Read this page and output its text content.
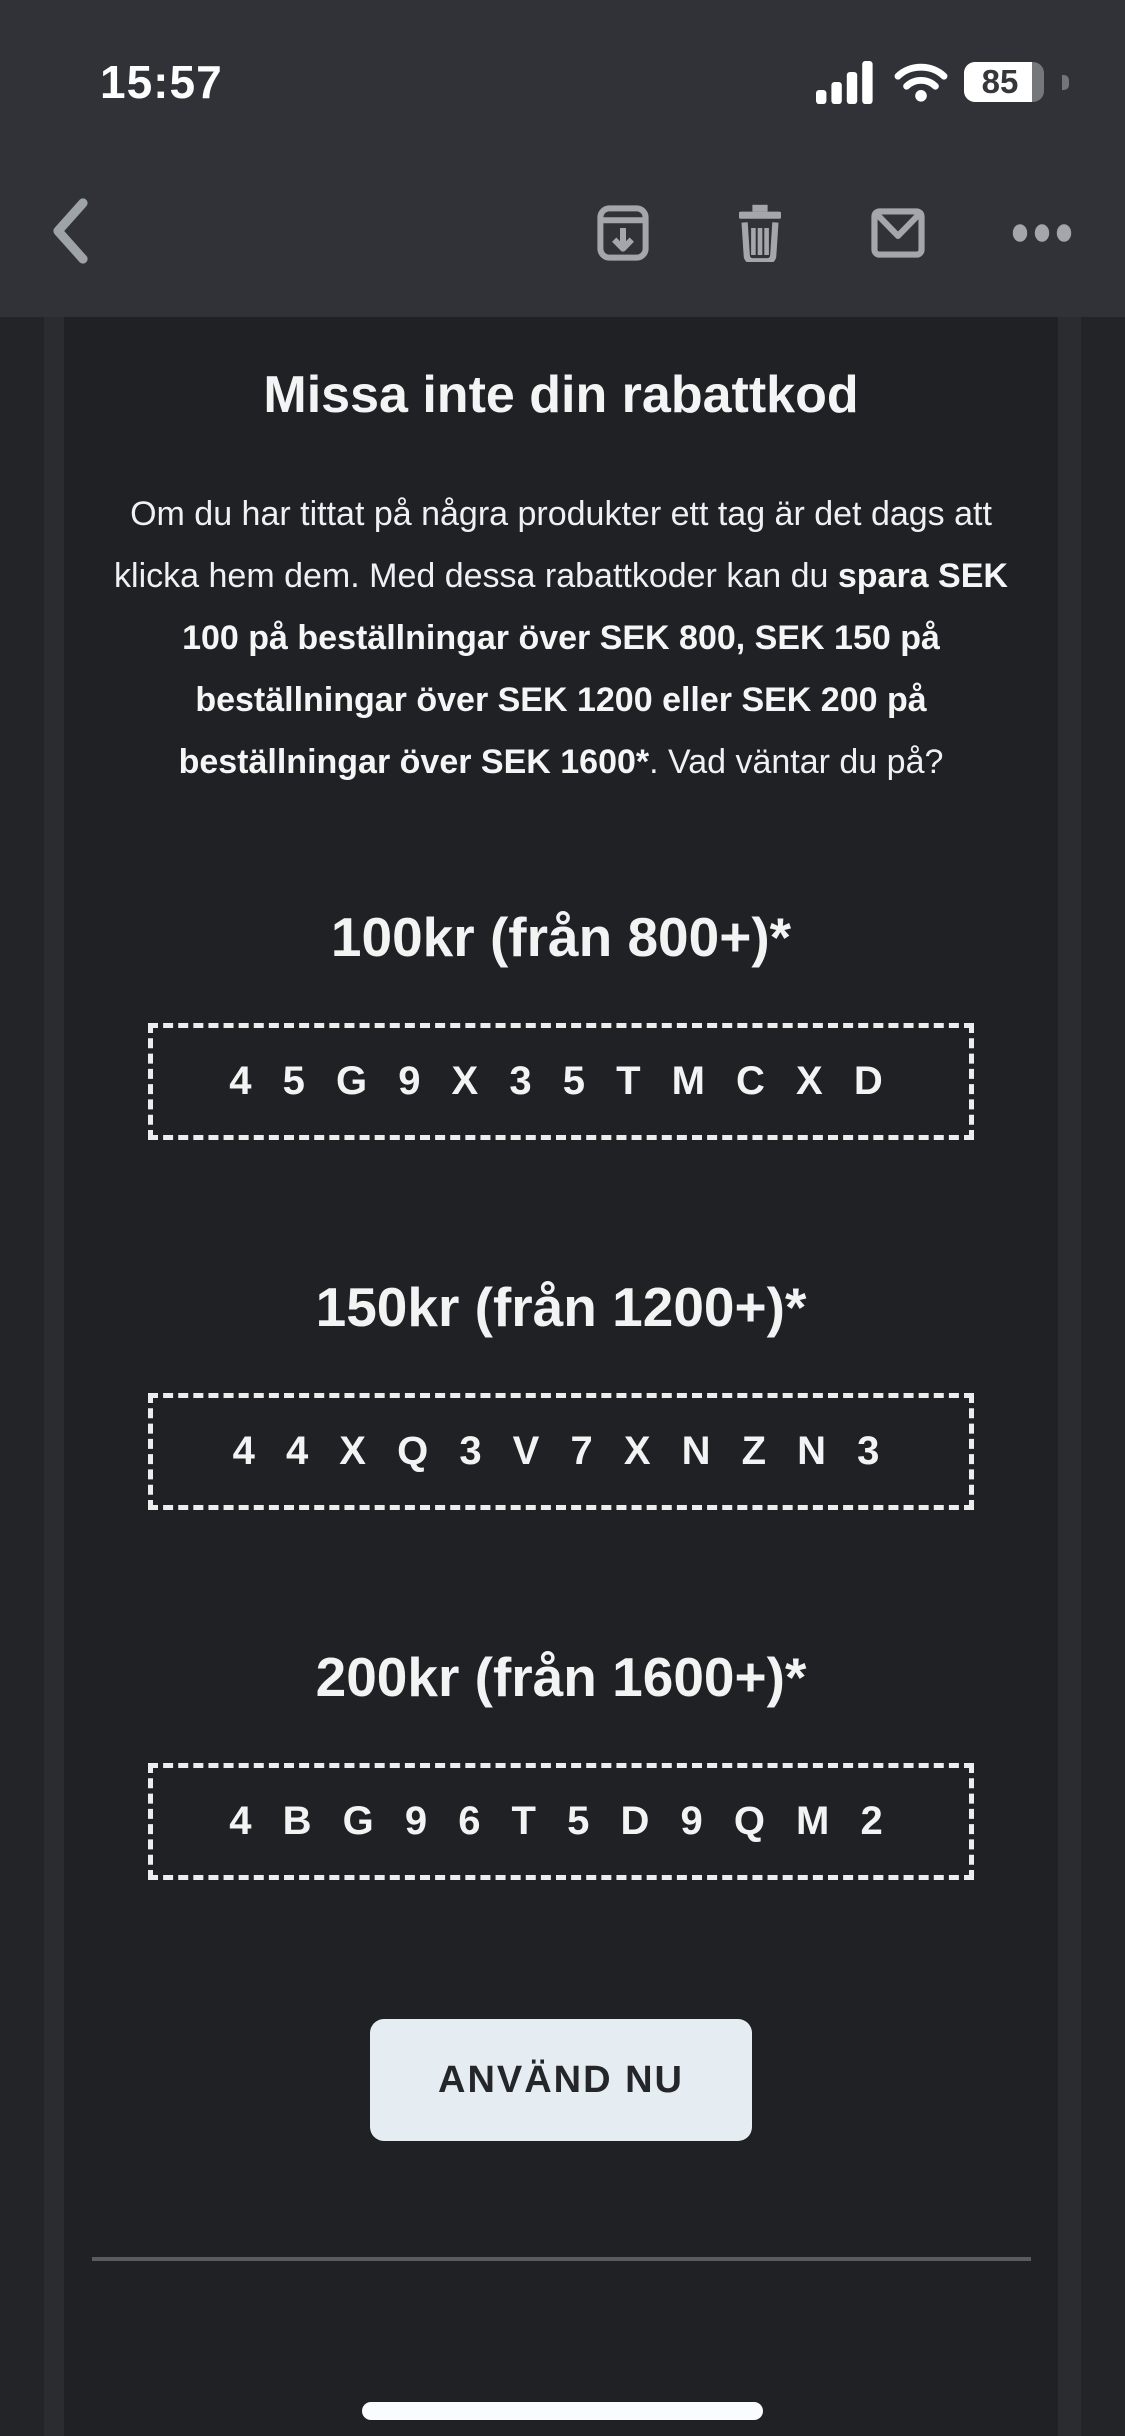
15:57	85
Missa inte din rabattkod

Om du har tittat på några produkter ett tag är det dags att klicka hem dem. Med dessa rabattkoder kan du spara SEK 100 på beställningar över SEK 800, SEK 150 på beställningar över SEK 1200 eller SEK 200 på beställningar över SEK 1600*. Vad väntar du på?

100kr (från 800+)*
4 5 G 9 X 3 5 T M C X D
150kr (från 1200+)*
4 4 X Q 3 V 7 X N Z N 3
200kr (från 1600+)*
4 B G 9 6 T 5 D 9 Q M 2
ANVÄND NU
